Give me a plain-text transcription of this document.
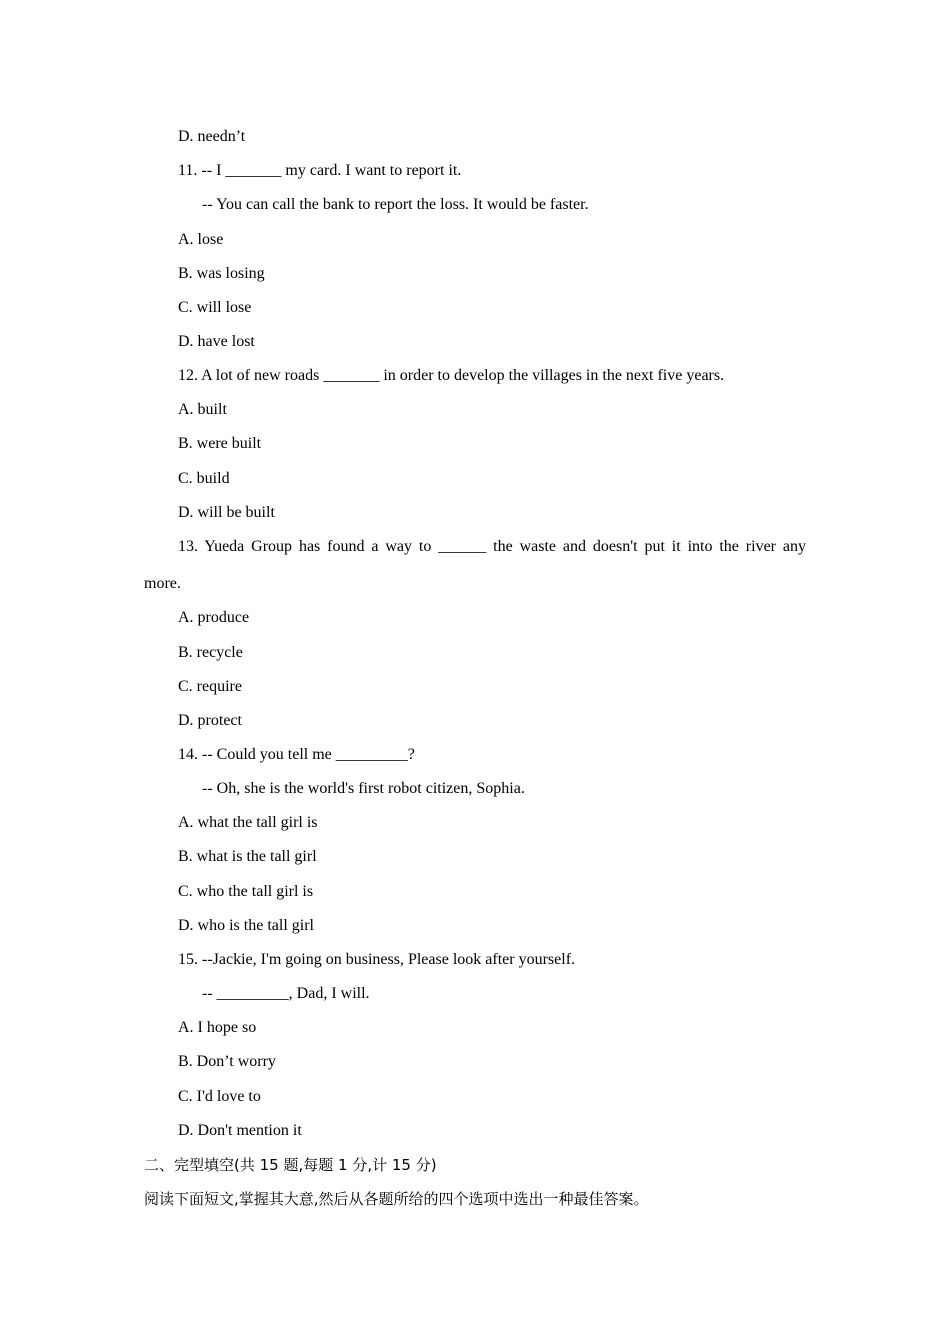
D. needn’t
11. -- I _______ my card. I want to report it.
-- You can call the bank to report the loss. It would be faster.
A. lose
B. was losing
C. will lose
D. have lost
12. A lot of new roads _______ in order to develop the villages in the next five years.
A. built
B. were built
C. build
D. will be built
13. Yueda Group has found a way to ______ the waste and doesn't put it into the river any
more.
A. produce
B. recycle
C. require
D. protect
14. -- Could you tell me _________?
-- Oh, she is the world's first robot citizen, Sophia.
A. what the tall girl is
B. what is the tall girl
C. who the tall girl is
D. who is the tall girl
15. --Jackie, I'm going on business, Please look after yourself.
-- _________, Dad, I will.
A. I hope so
B. Don’t worry
C. I'd love to
D. Don't mention it
二、完型填空(共 15 题,每题 1 分,计 15 分)
阅读下面短文,掌握其大意,然后从各题所给的四个选项中选出一种最佳答案。
